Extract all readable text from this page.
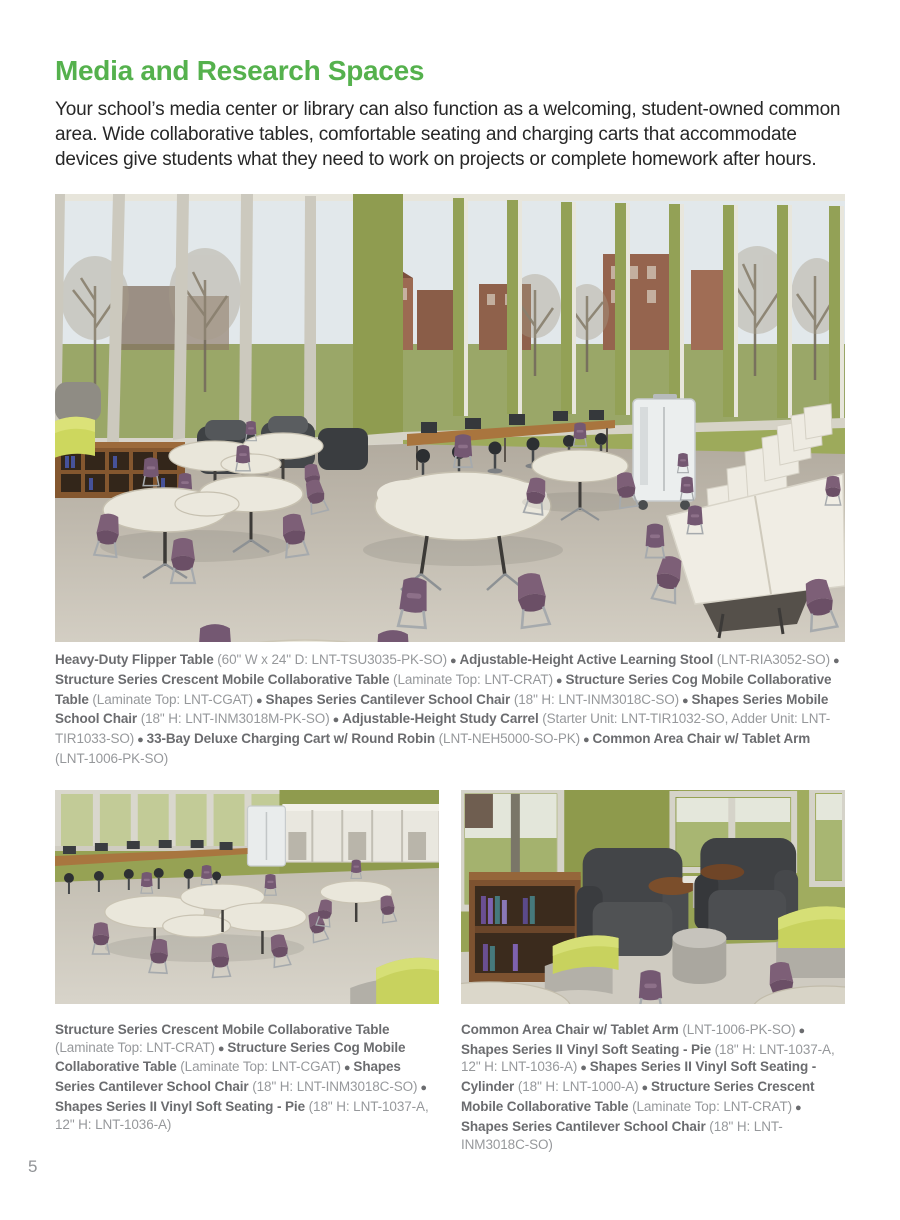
Media and Research Spaces

Your school’s media center or library can also function as a welcoming, student-owned common area. Wide collaborative tables, comfortable seating and charging carts that accommodate devices give students what they need to work on projects or complete homework after hours.

Heavy-Duty Flipper Table (60" W x 24" D: LNT-TSU3035-PK-SO) ● Adjustable-Height Active Learning Stool (LNT-RIA3052-SO) ● Structure Series Crescent Mobile Collaborative Table (Laminate Top: LNT-CRAT) ● Structure Series Cog Mobile Collaborative Table (Laminate Top: LNT-CGAT) ● Shapes Series Cantilever School Chair (18" H: LNT-INM3018C-SO) ● Shapes Series Mobile School Chair (18" H: LNT-INM3018M-PK-SO) ● Adjustable-Height Study Carrel (Starter Unit: LNT-TIR1032-SO, Adder Unit: LNT-TIR1033-SO) ● 33-Bay Deluxe Charging Cart w/ Round Robin (LNT-NEH5000-SO-PK) ● Common Area Chair w/ Tablet Arm (LNT-1006-PK-SO)

Structure Series Crescent Mobile Collaborative Table (Laminate Top: LNT-CRAT) ● Structure Series Cog Mobile Collaborative Table (Laminate Top: LNT-CGAT) ● Shapes Series Cantilever School Chair (18" H: LNT-INM3018C-SO) ● Shapes Series II Vinyl Soft Seating - Pie (18" H: LNT-1037-A, 12" H: LNT-1036-A)

Common Area Chair w/ Tablet Arm (LNT-1006-PK-SO) ● Shapes Series II Vinyl Soft Seating - Pie (18" H: LNT-1037-A, 12" H: LNT-1036-A) ● Shapes Series II Vinyl Soft Seating - Cylinder (18" H: LNT-1000-A) ● Structure Series Crescent Mobile Collaborative Table (Laminate Top: LNT-CRAT) ● Shapes Series Cantilever School Chair (18" H: LNT-INM3018C-SO)

5
